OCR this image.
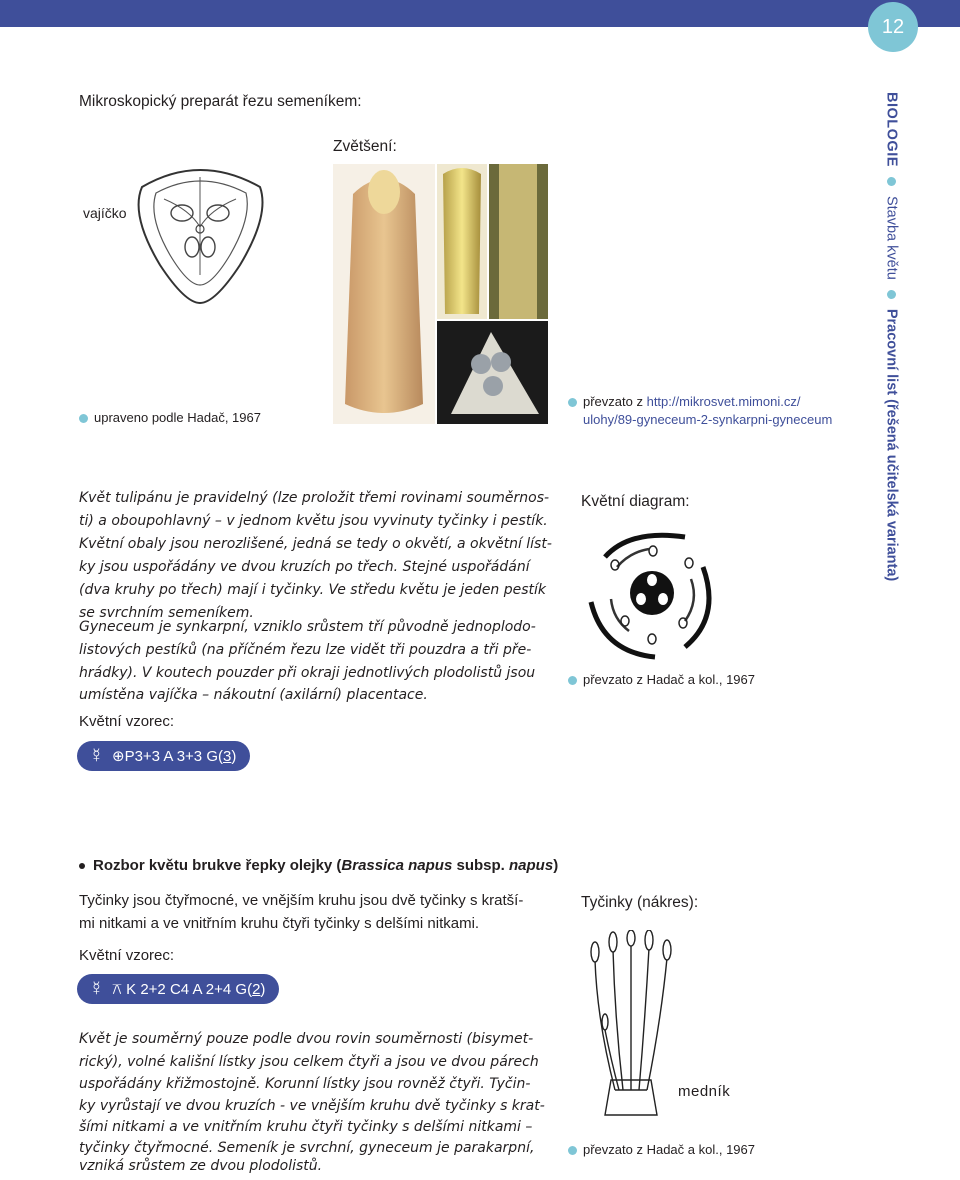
12
BIOLOGIE  Stavba květu  Pracovní list (řešená učitelská varianta)
Mikroskopický preparát řezu semeníkem:
Zvětšení:
vajíčko
upraveno podle Hadač, 1967
převzato z http://mikrosvet.mimoni.cz/
ulohy/89-gyneceum-2-synkarpni-gyneceum
Květ tulipánu je pravidelný (lze proložit třemi rovinami souměrnos-
ti) a oboupohlavný – v jednom květu jsou vyvinuty tyčinky i pestík.
Květní obaly jsou nerozlišené, jedná se tedy o okvětí, a okvětní líst-
ky jsou uspořádány ve dvou kruzích po třech. Stejné uspořádání
(dva kruhy po třech) mají i tyčinky. Ve středu květu je jeden pestík
se svrchním semeníkem.
Gyneceum je synkarpní, vzniklo srůstem tří původně jednoplodo-
listových pestíků (na příčném řezu lze vidět tři pouzdra a tři pře-
hrádky). V koutech pouzder při okraji jednotlivých plodolistů jsou
umístěna vajíčka – nákoutní (axilární) placentace.
Květní vzorec:
☿ ⊕P3+3 A 3+3 G(3)
Květní diagram:
převzato z Hadač a kol., 1967
Rozbor květu brukve řepky olejky (Brassica napus subsp. napus)
Tyčinky jsou čtyřmocné, ve vnějším kruhu jsou dvě tyčinky s kratší-
mi nitkami a ve vnitřním kruhu čtyři tyčinky s delšími nitkami.
Květní vzorec:
☿ ⚻ K 2+2 C4 A 2+4 G(2)
Tyčinky (nákres):
medník
převzato z Hadač a kol., 1967
Květ je souměrný pouze podle dvou rovin souměrnosti (bisymet-
rický), volné kališní lístky jsou celkem čtyři a jsou ve dvou párech
uspořádány křižmostojně. Korunní lístky jsou rovněž čtyři. Tyčin-
ky vyrůstají ve dvou kruzích - ve vnějším kruhu dvě tyčinky s krat-
šími nitkami a ve vnitřním kruhu čtyři tyčinky s delšími nitkami –
tyčinky čtyřmocné. Semeník je svrchní, gyneceum je parakarpní,
vzniká srůstem ze dvou plodolistů.
